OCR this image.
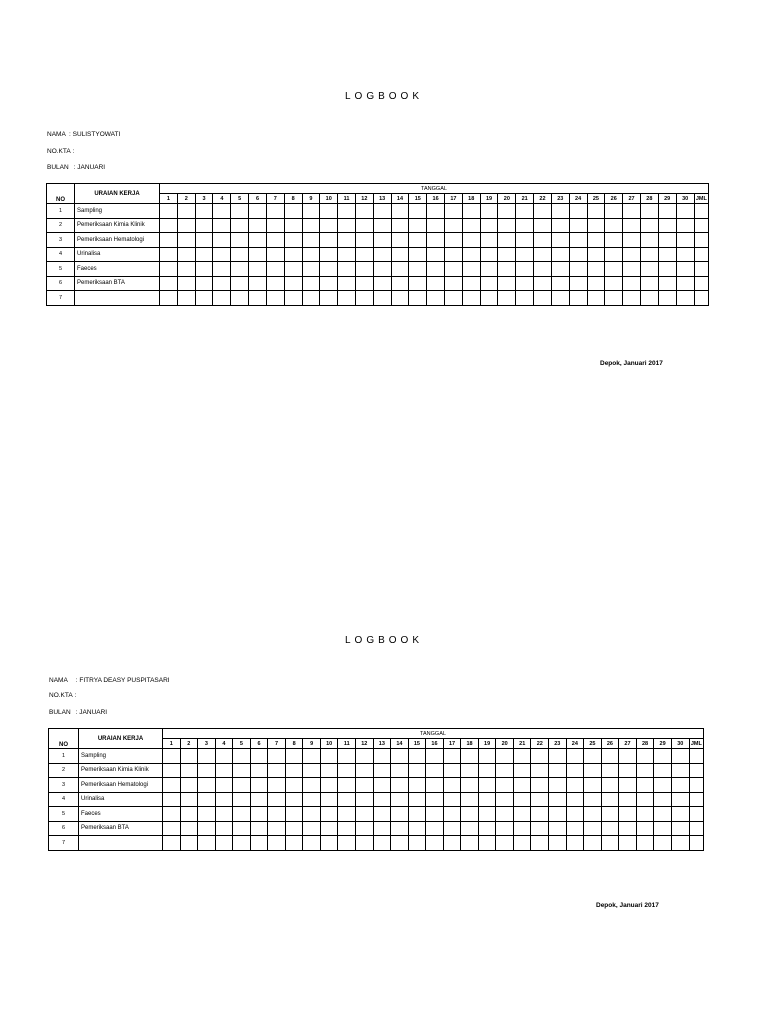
LOGBOOK
NAMA : SULISTYOWATI
NO.KTA :
BULAN : JANUARI
NO	URAIAN KERJA	TANGGAL																														
		1	2	3	4	5	6	7	8	9	10	11	12	13	14	15	16	17	18	19	20	21	22	23	24	25	26	27	28	29	30	JML
1	Sampling																															
2	Pemeriksaan Kimia Klinik																															
3	Pemeriksaan Hematologi																															
4	Urinalisa																															
5	Faeces																															
6	Pemeriksaan BTA																															
7																																
Depok, Januari 2017
LOGBOOK
NAMA : FITRYA DEASY PUSPITASARI
NO.KTA :
BULAN : JANUARI
NO	URAIAN KERJA	TANGGAL																														
		1	2	3	4	5	6	7	8	9	10	11	12	13	14	15	16	17	18	19	20	21	22	23	24	25	26	27	28	29	30	JML
1	Sampling																															
2	Pemeriksaan Kimia Klinik																															
3	Pemeriksaan Hematologi																															
4	Urinalisa																															
5	Faeces																															
6	Pemeriksaan BTA																															
7																																
Depok, Januari 2017
